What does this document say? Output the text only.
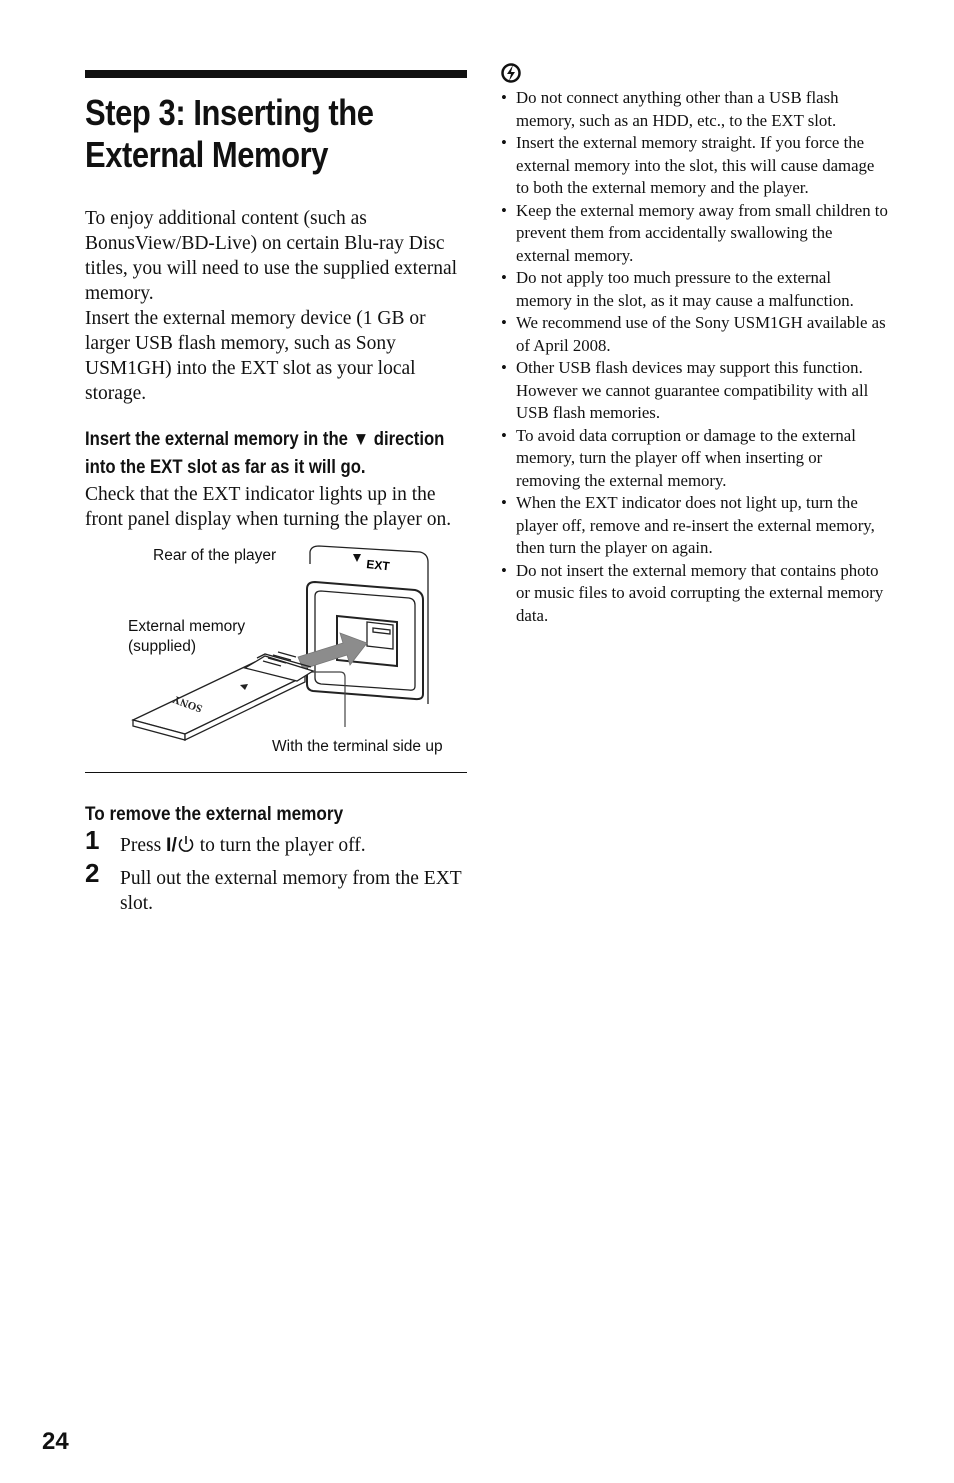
Step 3: Inserting the
External Memory

To enjoy additional content (such as BonusView/BD-Live) on certain Blu-ray Disc titles, you will need to use the supplied external memory.

Insert the external memory device (1 GB or larger USB flash memory, such as Sony USM1GH) into the EXT slot as your local storage.

Insert the external memory in the ▼ direction into the EXT slot as far as it will go.

Check that the EXT indicator lights up in the front panel display when turning the player on.

EXT
SONY
Rear of the player
External memory
(supplied)
With the terminal side up
To remove the external memory
1	Press I/ to turn the player off.
2	Pull out the external memory from the EXT slot.
• Do not connect anything other than a USB flash memory, such as an HDD, etc., to the EXT slot.
• Insert the external memory straight. If you force the external memory into the slot, this will cause damage to both the external memory and the player.
• Keep the external memory away from small children to prevent them from accidentally swallowing the external memory.
• Do not apply too much pressure to the external memory in the slot, as it may cause a malfunction.
• We recommend use of the Sony USM1GH available as of April 2008.
• Other USB flash devices may support this function. However we cannot guarantee compatibility with all USB flash memories.
• To avoid data corruption or damage to the external memory, turn the player off when inserting or removing the external memory.
• When the EXT indicator does not light up, turn the player off, remove and re-insert the external memory, then turn the player on again.
• Do not insert the external memory that contains photo or music files to avoid corrupting the external memory data.
24
